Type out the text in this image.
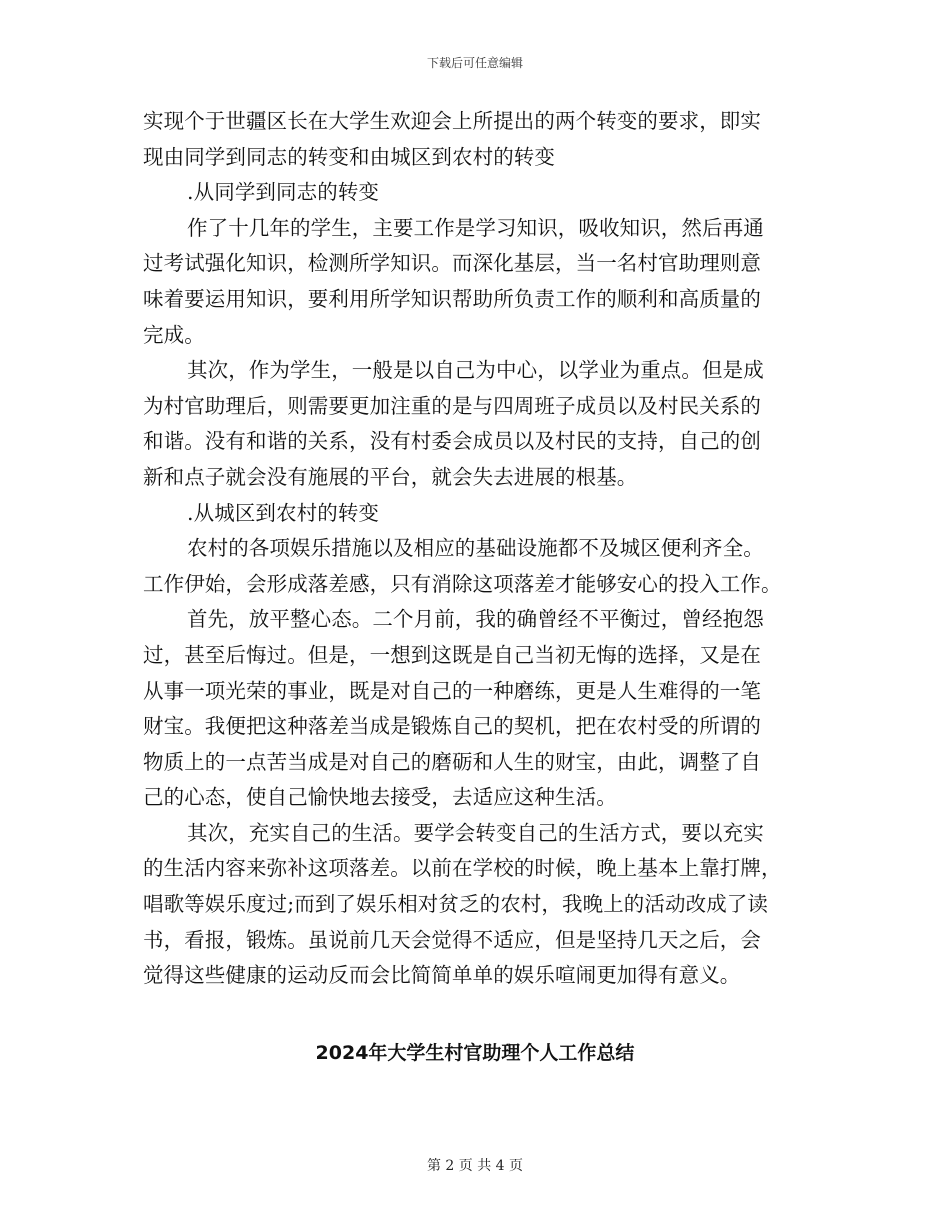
下载后可任意编辑
实现个于世疆区长在大学生欢迎会上所提出的两个转变的要求，即实
现由同学到同志的转变和由城区到农村的转变
.从同学到同志的转变
作了十几年的学生，主要工作是学习知识，吸收知识，然后再通
过考试强化知识，检测所学知识。而深化基层，当一名村官助理则意
味着要运用知识，要利用所学知识帮助所负责工作的顺利和高质量的
完成。
其次，作为学生，一般是以自己为中心，以学业为重点。但是成
为村官助理后，则需要更加注重的是与四周班子成员以及村民关系的
和谐。没有和谐的关系，没有村委会成员以及村民的支持，自己的创
新和点子就会没有施展的平台，就会失去进展的根基。
.从城区到农村的转变
农村的各项娱乐措施以及相应的基础设施都不及城区便利齐全。
工作伊始，会形成落差感，只有消除这项落差才能够安心的投入工作。
首先，放平整心态。二个月前，我的确曾经不平衡过，曾经抱怨
过，甚至后悔过。但是，一想到这既是自己当初无悔的选择，又是在
从事一项光荣的事业，既是对自己的一种磨练，更是人生难得的一笔
财宝。我便把这种落差当成是锻炼自己的契机，把在农村受的所谓的
物质上的一点苦当成是对自己的磨砺和人生的财宝，由此，调整了自
己的心态，使自己愉快地去接受，去适应这种生活。
其次，充实自己的生活。要学会转变自己的生活方式，要以充实
的生活内容来弥补这项落差。以前在学校的时候，晚上基本上靠打牌，
唱歌等娱乐度过;而到了娱乐相对贫乏的农村，我晚上的活动改成了读
书，看报，锻炼。虽说前几天会觉得不适应，但是坚持几天之后，会
觉得这些健康的运动反而会比简简单单的娱乐喧闹更加得有意义。
2024年大学生村官助理个人工作总结
第 2 页 共 4 页
